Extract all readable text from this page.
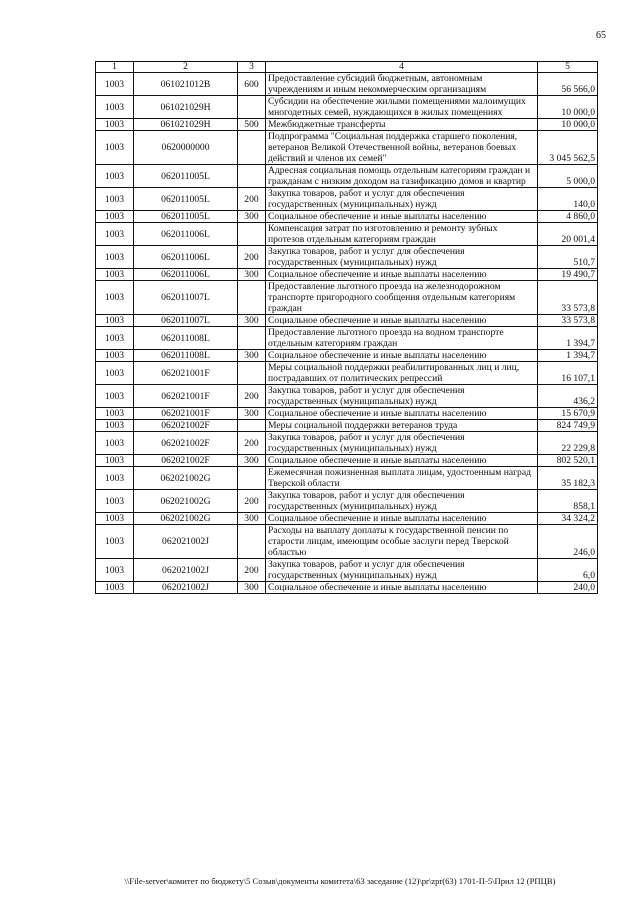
65
1	2	3	4	5
1003	061021012B	600	Предоставление субсидий бюджетным, автономным учреждениям и иным некоммерческим организациям	56 566,0
1003	061021029H		Субсидии на обеспечение жилыми помещениями малоимущих многодетных семей, нуждающихся в жилых помещениях	10 000,0
1003	061021029H	500	Межбюджетные трансферты	10 000,0
1003	0620000000		Подпрограмма "Социальная поддержка старшего поколения, ветеранов Великой Отечественной войны, ветеранов боевых действий и членов их семей"	3 045 562,5
1003	062011005L		Адресная социальная помощь отдельным категориям граждан и гражданам с низким доходом на газификацию домов и квартир	5 000,0
1003	062011005L	200	Закупка товаров, работ и услуг для обеспечения государственных (муниципальных) нужд	140,0
1003	062011005L	300	Социальное обеспечение и иные выплаты населению	4 860,0
1003	062011006L		Компенсация затрат по изготовлению и ремонту зубных протезов отдельным категориям граждан	20 001,4
1003	062011006L	200	Закупка товаров, работ и услуг для обеспечения государственных (муниципальных) нужд	510,7
1003	062011006L	300	Социальное обеспечение и иные выплаты населению	19 490,7
1003	062011007L		Предоставление льготного проезда на железнодорожном транспорте пригородного сообщения отдельным категориям граждан	33 573,8
1003	062011007L	300	Социальное обеспечение и иные выплаты населению	33 573,8
1003	062011008L		Предоставление льготного проезда на водном транспорте отдельным категориям граждан	1 394,7
1003	062011008L	300	Социальное обеспечение и иные выплаты населению	1 394,7
1003	062021001F		Меры социальной поддержки реабилитированных лиц и лиц, пострадавших от политических репрессий	16 107,1
1003	062021001F	200	Закупка товаров, работ и услуг для обеспечения государственных (муниципальных) нужд	436,2
1003	062021001F	300	Социальное обеспечение и иные выплаты населению	15 670,9
1003	062021002F		Меры социальной поддержки ветеранов труда	824 749,9
1003	062021002F	200	Закупка товаров, работ и услуг для обеспечения государственных (муниципальных) нужд	22 229,8
1003	062021002F	300	Социальное обеспечение и иные выплаты населению	802 520,1
1003	062021002G		Ежемесячная пожизненная выплата лицам, удостоенным наград Тверской области	35 182,3
1003	062021002G	200	Закупка товаров, работ и услуг для обеспечения государственных (муниципальных) нужд	858,1
1003	062021002G	300	Социальное обеспечение и иные выплаты населению	34 324,2
1003	062021002J		Расходы на выплату доплаты к государственной пенсии по старости лицам, имеющим особые заслуги перед Тверской областью	246,0
1003	062021002J	200	Закупка товаров, работ и услуг для обеспечения государственных (муниципальных) нужд	6,0
1003	062021002J	300	Социальное обеспечение и иные выплаты населению	240,0
\\File-server\комитет по бюджету\5 Созыв\документы комитета\63 заседание (12)\pr\zpr(63) 1701-П-5\Прил 12 (РПЦВ)
